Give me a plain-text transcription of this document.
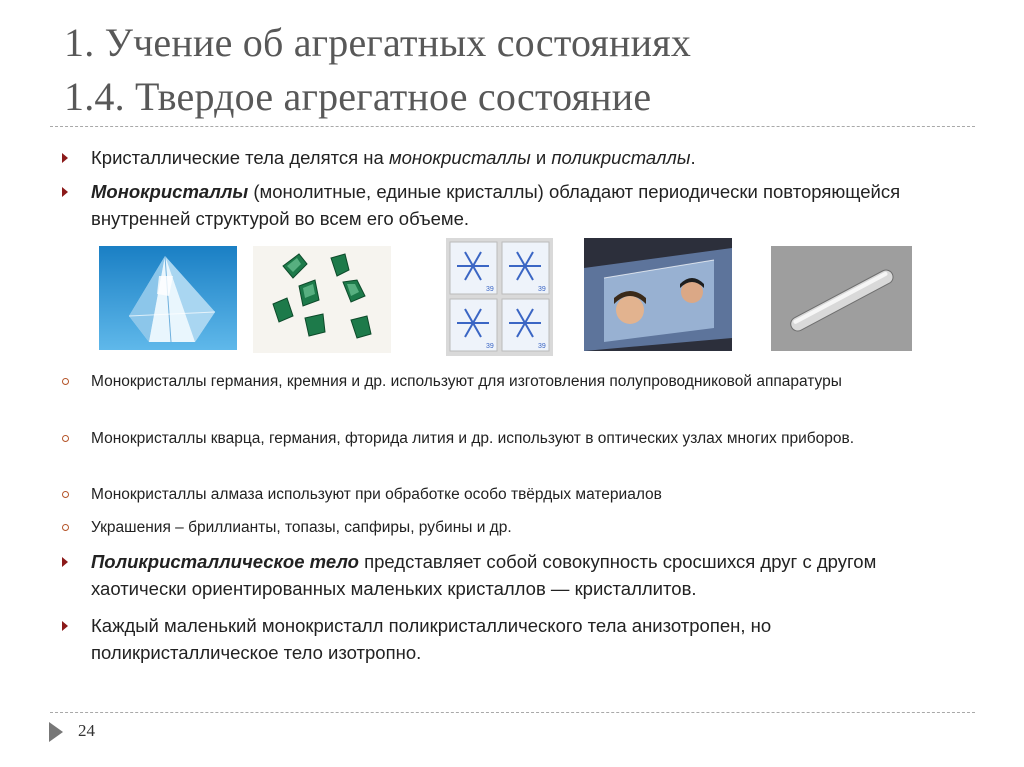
1. Учение об агрегатных состояниях
1.4. Твердое агрегатное состояние
Кристаллические тела делятся на монокристаллы и поликристаллы.
Монокристаллы (монолитные, единые кристаллы) обладают периодически повторяющейся внутренней структурой во всем его объеме.
39	39
39	39
Монокристаллы германия, кремния и др. используют для изготовления полупроводниковой аппаратуры
Монокристаллы кварца, германия, фторида лития и др. используют в оптических узлах многих приборов.
Монокристаллы алмаза используют при обработке особо твёрдых материалов
Украшения – бриллианты, топазы, сапфиры, рубины и др.
Поликристаллическое тело представляет собой совокупность сросшихся друг с другом хаотически ориентированных маленьких кристаллов — кристаллитов.
Каждый маленький монокристалл поликристаллического тела анизотропен, но поликристаллическое тело изотропно.
24
